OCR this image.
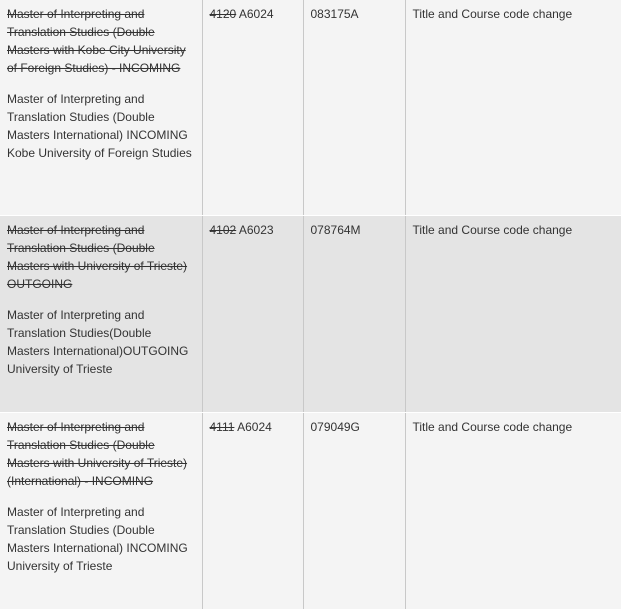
Master of Interpreting and Translation Studies (Double Masters with Kobe City University of Foreign Studies) - INCOMING
Master of Interpreting and Translation Studies (Double Masters International) INCOMING Kobe University of Foreign Studies	4120 A6024	083175A	Title and Course code change

Master of Interpreting and Translation Studies (Double Masters with University of Trieste) OUTGOING
Master of Interpreting and Translation Studies(Double Masters International)OUTGOING University of Trieste	4102 A6023	078764M	Title and Course code change

Master of Interpreting and Translation Studies (Double Masters with University of Trieste) (International) - INCOMING
Master of Interpreting and Translation Studies (Double Masters International) INCOMING University of Trieste	4111 A6024	079049G	Title and Course code change
